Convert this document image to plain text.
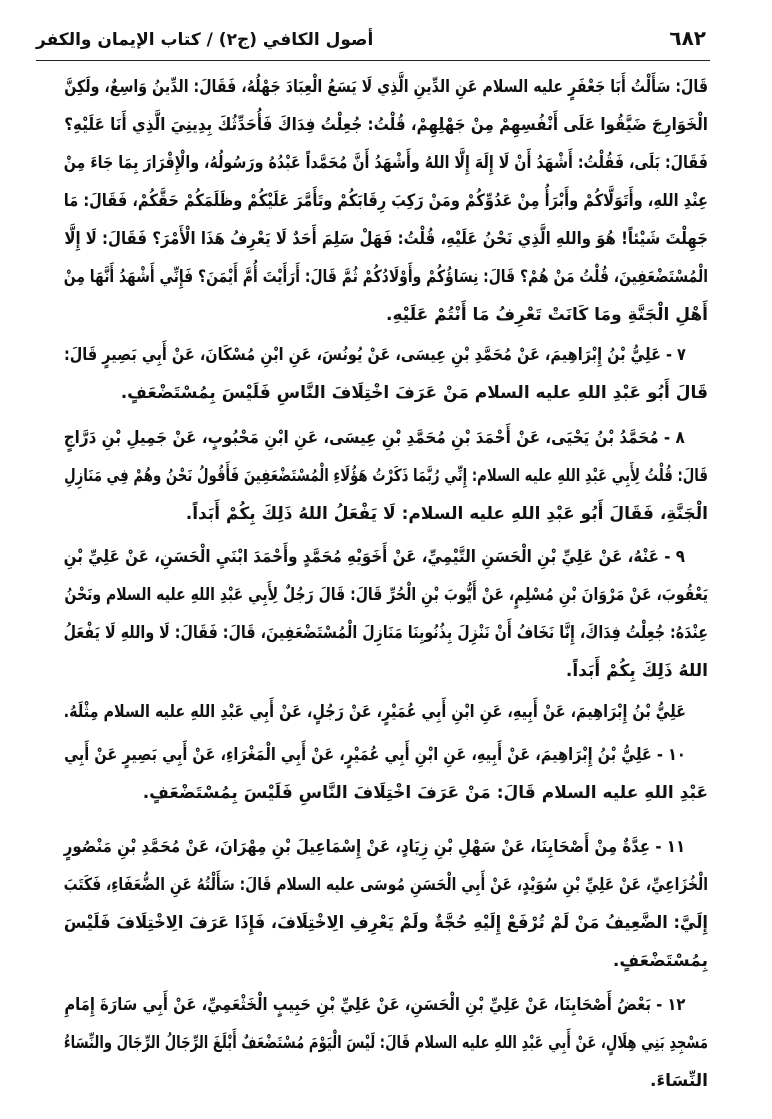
٦٨٢
أصول الكافي (ج٢) / كتاب الإيمان والكفر
قَالَ: سَأَلْتُ أَبَا جَعْفَرٍ عليه السلام عَنِ الدِّينِ الَّذِي لَا يَسَعُ الْعِبَادَ جَهْلُهُ، فَقَالَ: الدِّينُ وَاسِعٌ، ولَكِنَّ
الْخَوَارِجَ ضَيَّقُوا عَلَى أَنْفُسِهِمْ مِنْ جَهْلِهِمْ، قُلْتُ: جُعِلْتُ فِدَاكَ فَأُحَدِّثُكَ بِدِينِيَ الَّذِي أَنَا عَلَيْهِ؟
فَقَالَ: بَلَى، فَقُلْتُ: أَشْهَدُ أَنْ لَا إِلَهَ إِلَّا اللهُ وأَشْهَدُ أَنَّ مُحَمَّداً عَبْدُهُ ورَسُولُهُ، والْإِقْرَارَ بِمَا جَاءَ مِنْ
عِنْدِ اللهِ، وأَتَوَلَّاكُمْ وأَبْرَأُ مِنْ عَدُوِّكُمْ ومَنْ رَكِبَ رِقَابَكُمْ وتَأَمَّرَ عَلَيْكُمْ وظَلَمَكُمْ حَقَّكُمْ، فَقَالَ: مَا
جَهِلْتَ شَيْئاً! هُوَ واللهِ الَّذِي نَحْنُ عَلَيْهِ، قُلْتُ: فَهَلْ سَلِمَ أَحَدٌ لَا يَعْرِفُ هَذَا الْأَمْرَ؟ فَقَالَ: لَا إِلَّا
الْمُسْتَضْعَفِينَ، قُلْتُ مَنْ هُمْ؟ قَالَ: نِسَاؤُكُمْ وأَوْلَادُكُمْ ثُمَّ قَالَ: أَرَأَيْتَ أُمَّ أَيْمَنَ؟ فَإِنِّي أَشْهَدُ أَنَّهَا مِنْ
أَهْلِ الْجَنَّةِ ومَا كَانَتْ تَعْرِفُ مَا أَنْتُمْ عَلَيْهِ.
٧ - عَلِيُّ بْنُ إِبْرَاهِيمَ، عَنْ مُحَمَّدِ بْنِ عِيسَى، عَنْ يُونُسَ، عَنِ ابْنِ مُسْكَانَ، عَنْ أَبِي بَصِيرٍ قَالَ:
قَالَ أَبُو عَبْدِ اللهِ عليه السلام مَنْ عَرَفَ اخْتِلَافَ النَّاسِ فَلَيْسَ بِمُسْتَضْعَفٍ.
٨ - مُحَمَّدُ بْنُ يَحْيَى، عَنْ أَحْمَدَ بْنِ مُحَمَّدِ بْنِ عِيسَى، عَنِ ابْنِ مَحْبُوبٍ، عَنْ جَمِيلِ بْنِ دَرَّاجٍ
قَالَ: قُلْتُ لِأَبِي عَبْدِ اللهِ عليه السلام: إِنِّي رُبَّمَا ذَكَرْتُ هَؤُلَاءِ الْمُسْتَضْعَفِينَ فَأَقُولُ نَحْنُ وهُمْ فِي مَنَازِلِ
الْجَنَّةِ، فَقَالَ أَبُو عَبْدِ اللهِ عليه السلام: لَا يَفْعَلُ اللهُ ذَلِكَ بِكُمْ أَبَداً.
٩ - عَنْهُ، عَنْ عَلِيِّ بْنِ الْحَسَنِ التَّيْمِيِّ، عَنْ أَخَوَيْهِ مُحَمَّدٍ وأَحْمَدَ ابْنَيِ الْحَسَنِ، عَنْ عَلِيِّ بْنِ
يَعْقُوبَ، عَنْ مَرْوَانَ بْنِ مُسْلِمٍ، عَنْ أَيُّوبَ بْنِ الْحُرِّ قَالَ: قَالَ رَجُلٌ لِأَبِي عَبْدِ اللهِ عليه السلام ونَحْنُ
عِنْدَهُ: جُعِلْتُ فِدَاكَ، إِنَّا نَخَافُ أَنْ نَنْزِلَ بِذُنُوبِنَا مَنَازِلَ الْمُسْتَضْعَفِينَ، قَالَ: فَقَالَ: لَا واللهِ لَا يَفْعَلُ
اللهُ ذَلِكَ بِكُمْ أَبَداً.
عَلِيُّ بْنُ إِبْرَاهِيمَ، عَنْ أَبِيهِ، عَنِ ابْنِ أَبِي عُمَيْرٍ، عَنْ رَجُلٍ، عَنْ أَبِي عَبْدِ اللهِ عليه السلام مِثْلَهُ.
١٠ - عَلِيُّ بْنُ إِبْرَاهِيمَ، عَنْ أَبِيهِ، عَنِ ابْنِ أَبِي عُمَيْرٍ، عَنْ أَبِي الْمَغْرَاءِ، عَنْ أَبِي بَصِيرٍ عَنْ أَبِي
عَبْدِ اللهِ عليه السلام قَالَ: مَنْ عَرَفَ اخْتِلَافَ النَّاسِ فَلَيْسَ بِمُسْتَضْعَفٍ.
١١ - عِدَّةٌ مِنْ أَصْحَابِنَا، عَنْ سَهْلِ بْنِ زِيَادٍ، عَنْ إِسْمَاعِيلَ بْنِ مِهْرَانَ، عَنْ مُحَمَّدِ بْنِ مَنْصُورٍ
الْخُزَاعِيِّ، عَنْ عَلِيِّ بْنِ سُوَيْدٍ، عَنْ أَبِي الْحَسَنِ مُوسَى عليه السلام قَالَ: سَأَلْتُهُ عَنِ الضُّعَفَاءِ، فَكَتَبَ
إِلَيَّ: الضَّعِيفُ مَنْ لَمْ تُرْفَعْ إِلَيْهِ حُجَّةٌ ولَمْ يَعْرِفِ الِاخْتِلَافَ، فَإِذَا عَرَفَ الِاخْتِلَافَ فَلَيْسَ
بِمُسْتَضْعَفٍ.
١٢ - بَعْضُ أَصْحَابِنَا، عَنْ عَلِيِّ بْنِ الْحَسَنِ، عَنْ عَلِيِّ بْنِ حَبِيبٍ الْخَثْعَمِيِّ، عَنْ أَبِي سَارَةَ إِمَامِ
مَسْجِدِ بَنِي هِلَالٍ، عَنْ أَبِي عَبْدِ اللهِ عليه السلام قَالَ: لَيْسَ الْيَوْمَ مُسْتَضْعَفٌ أَبْلَغَ الرِّجَالُ الرِّجَالَ والنِّسَاءُ
النِّسَاءَ.
